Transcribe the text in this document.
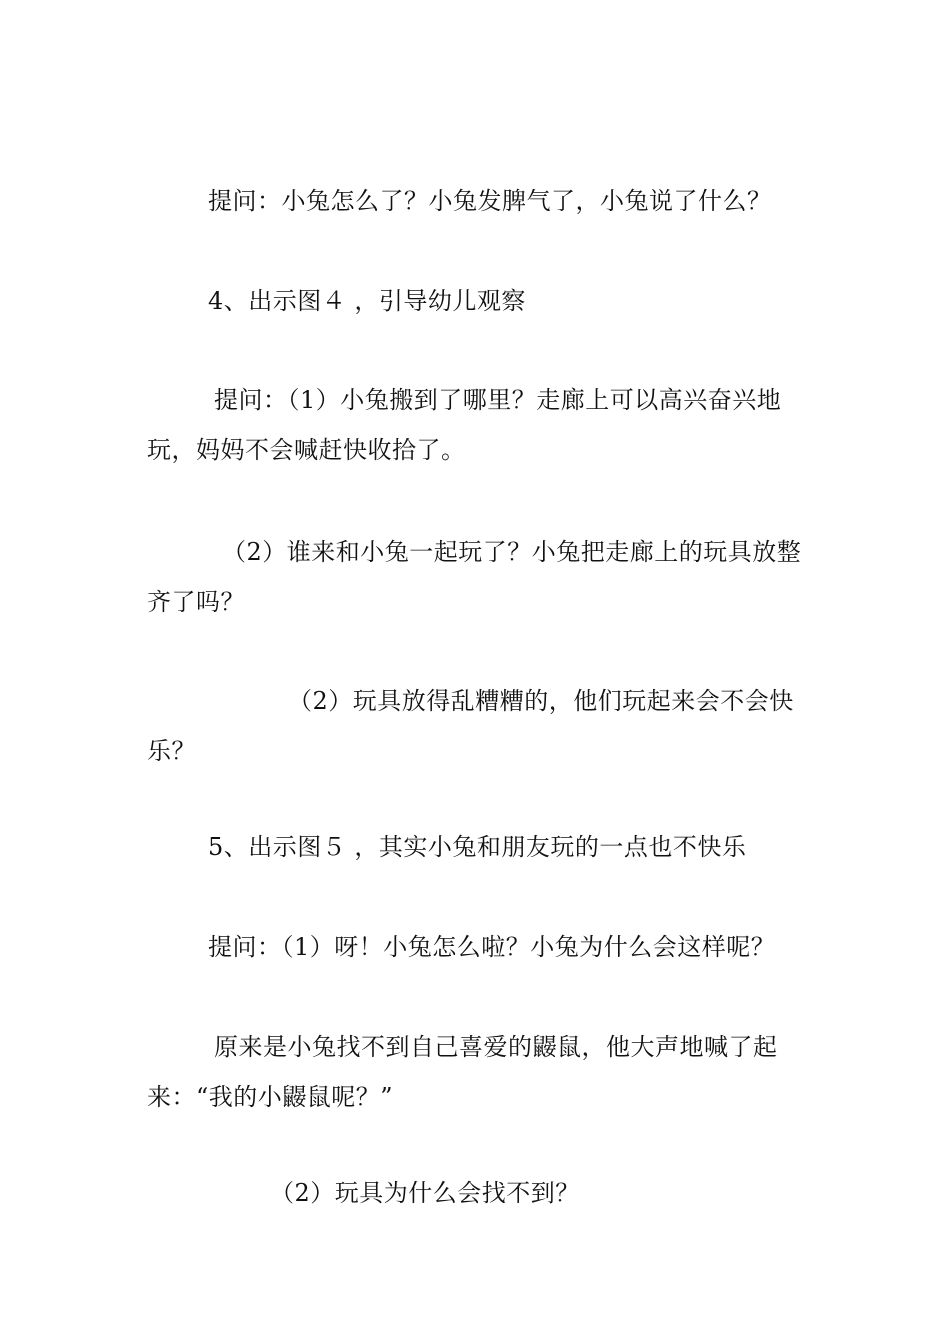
提问：小兔怎么了？小兔发脾气了，小兔说了什么？

4、出示图４ ，引导幼儿观察

提问：（1）小兔搬到了哪里？走廊上可以高兴奋兴地玩，妈妈不会喊赶快收拾了。

（2）谁来和小兔一起玩了？小兔把走廊上的玩具放整齐了吗？

（2）玩具放得乱糟糟的，他们玩起来会不会快乐？

5、出示图５ ，其实小兔和朋友玩的一点也不快乐

提问：（1）呀！小兔怎么啦？小兔为什么会这样呢？

原来是小兔找不到自己喜爱的鼹鼠，他大声地喊了起来：“我的小鼹鼠呢？”

（2）玩具为什么会找不到？
